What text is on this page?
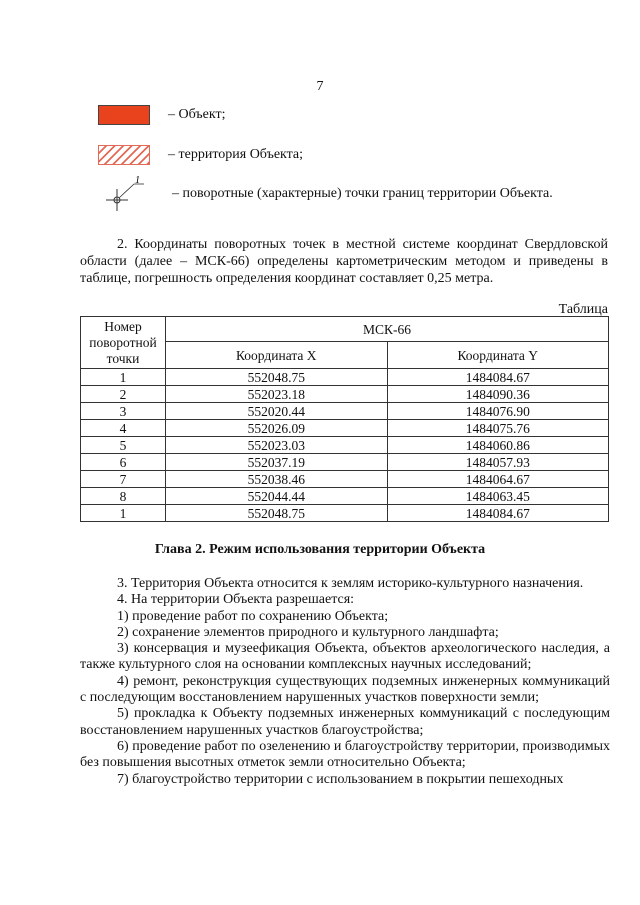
7
– Объект;
– территория Объекта;
1
– поворотные (характерные) точки границ территории Объекта.
2. Координаты поворотных точек в местной системе координат Свердловской области (далее – МСК-66) определены картометрическим методом и приведены в таблице, погрешность определения координат составляет 0,25 метра.
Таблица
Номер поворотной точки	МСК-66	
	Координата X	Координата Y
1	552048.75	1484084.67
2	552023.18	1484090.36
3	552020.44	1484076.90
4	552026.09	1484075.76
5	552023.03	1484060.86
6	552037.19	1484057.93
7	552038.46	1484064.67
8	552044.44	1484063.45
1	552048.75	1484084.67
Глава 2. Режим использования территории Объекта

3. Территория Объекта относится к землям историко-культурного назначения.

4. На территории Объекта разрешается:

1) проведение работ по сохранению Объекта;

2) сохранение элементов природного и культурного ландшафта;

3) консервация и музеефикация Объекта, объектов археологического наследия, а также культурного слоя на основании комплексных научных исследований;

4) ремонт, реконструкция существующих подземных инженерных коммуникаций с последующим восстановлением нарушенных участков поверхности земли;

5) прокладка к Объекту подземных инженерных коммуникаций с последующим восстановлением нарушенных участков благоустройства;

6) проведение работ по озеленению и благоустройству территории, производимых без повышения высотных отметок земли относительно Объекта;

7) благоустройство территории с использованием в покрытии пешеходных
